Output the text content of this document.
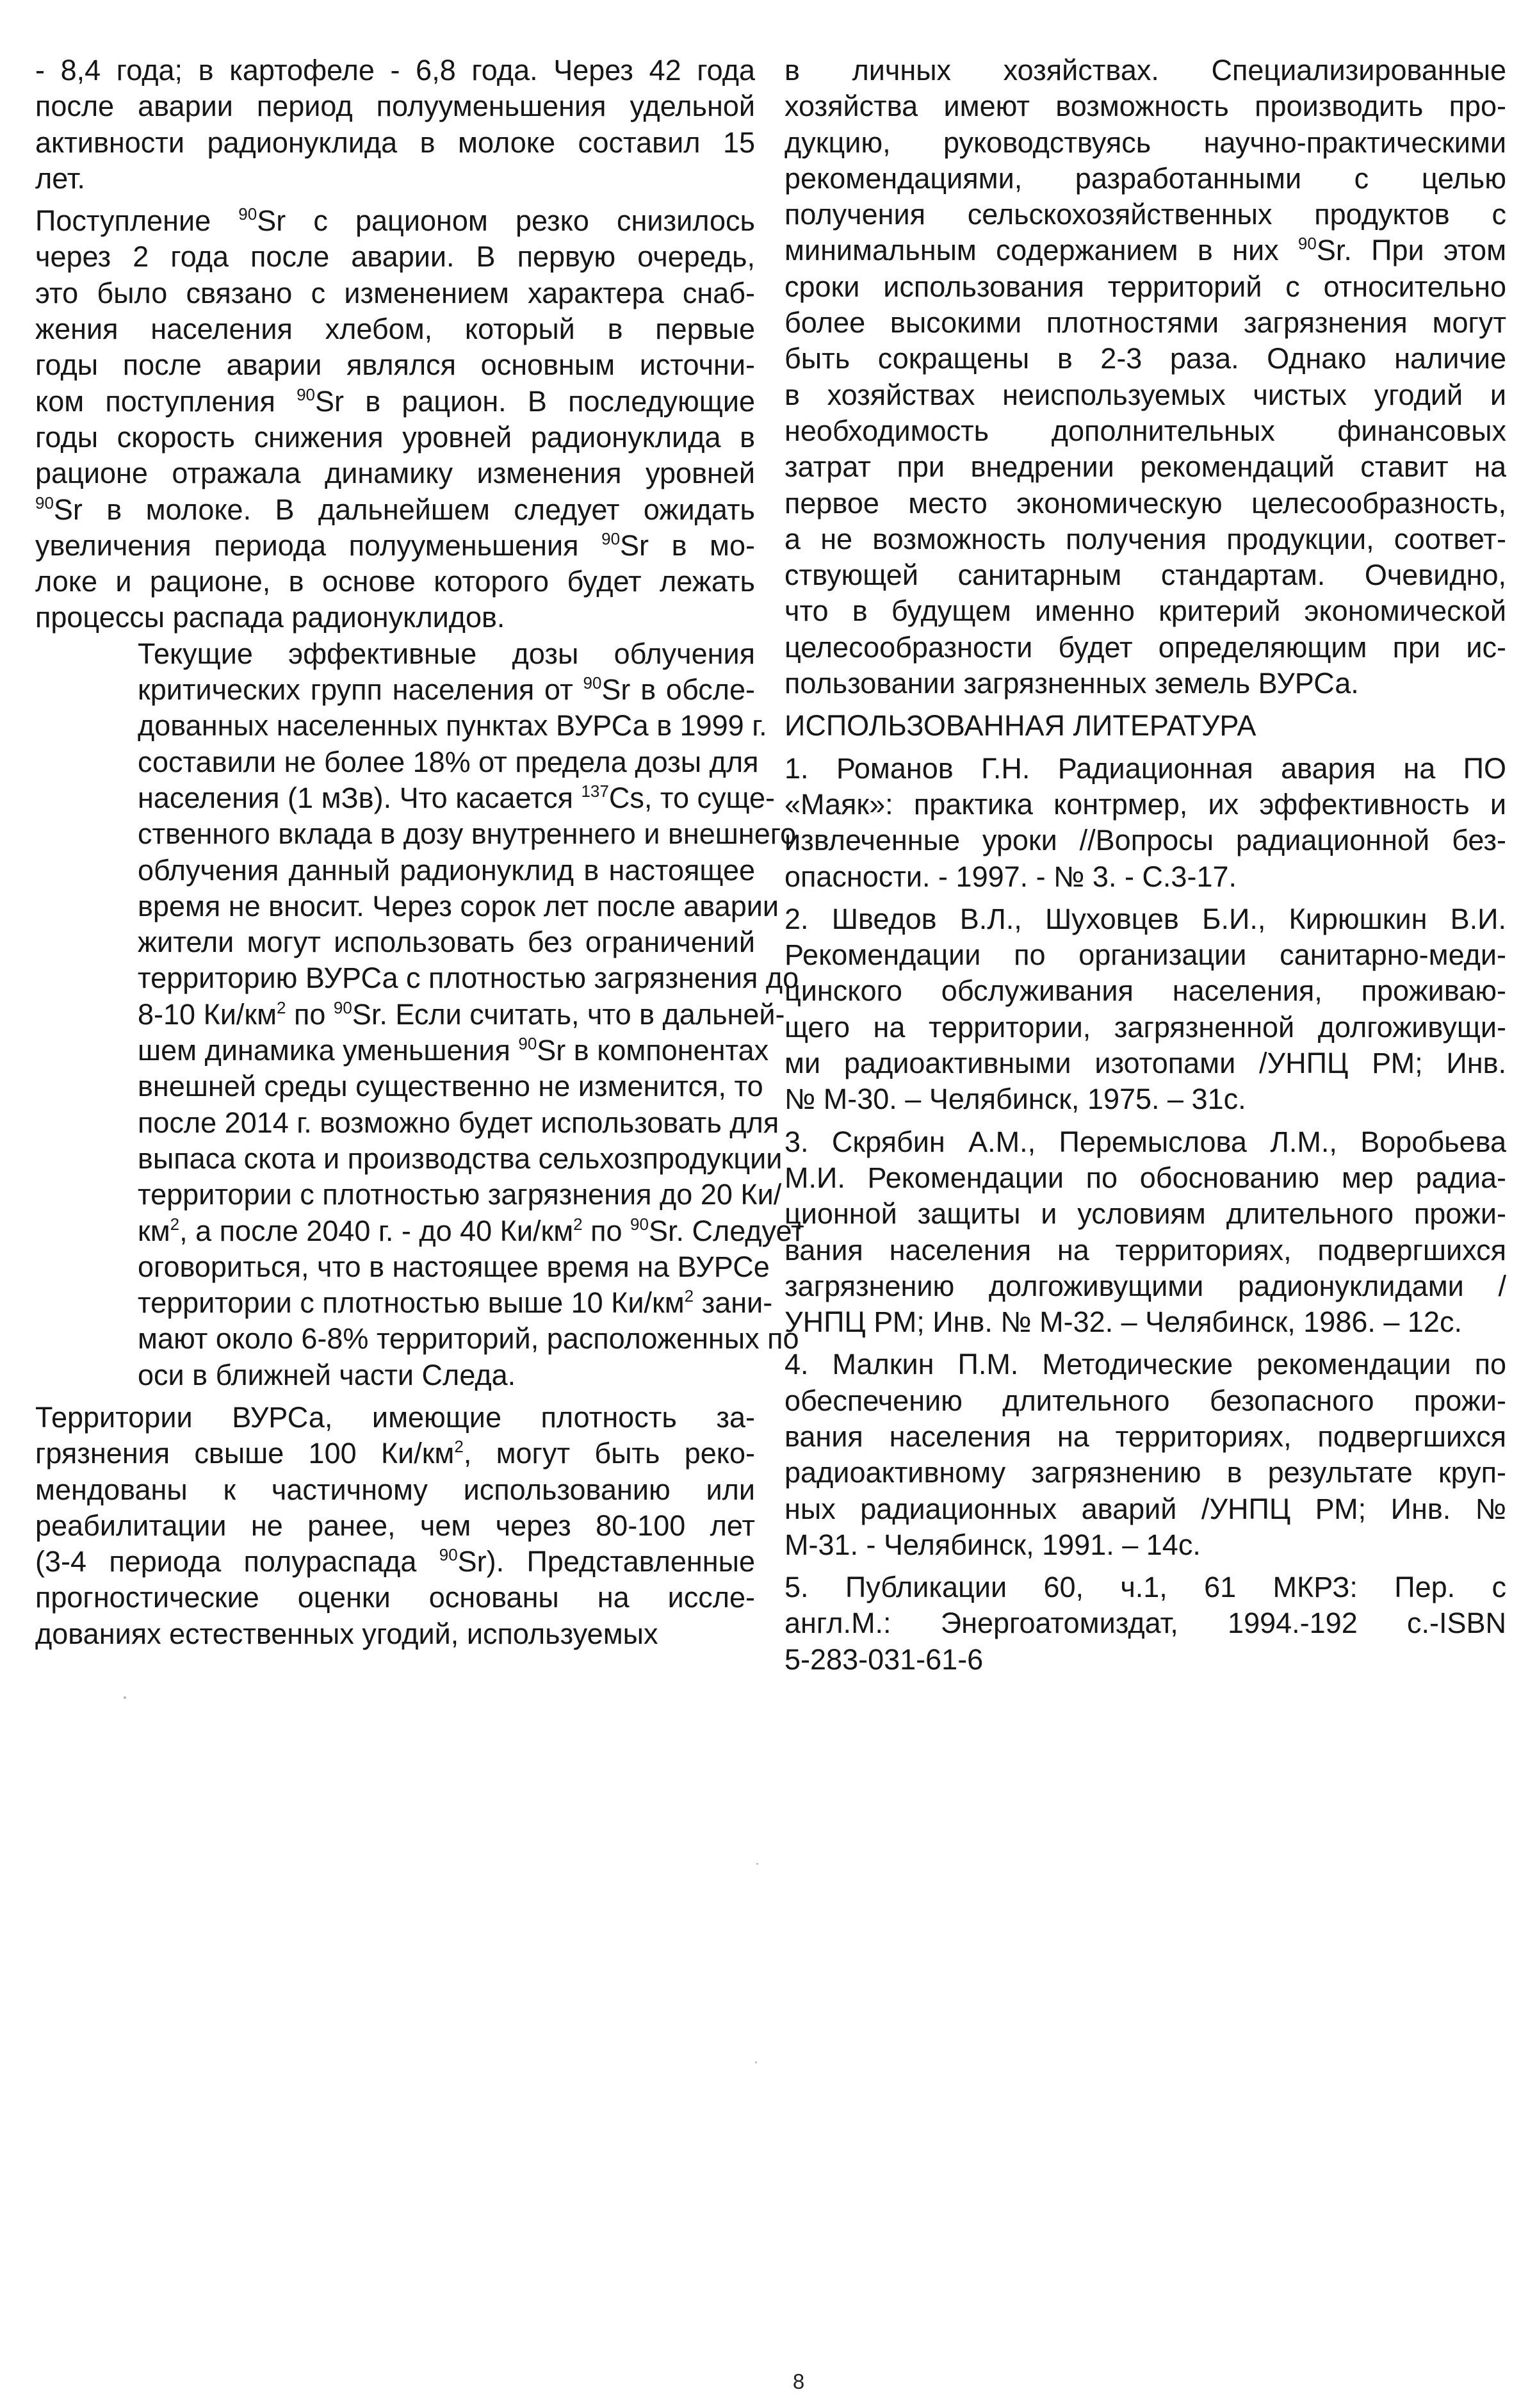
- 8,4 года; в картофеле - 6,8 года. Через 42 года
после аварии период полууменьшения удельной
активности радионуклида в молоке составил 15
лет.

Поступление $^{90}$Sr с рационом резко снизилось
через 2 года после аварии. В первую очередь,
это было связано с изменением характера снаб-
жения населения хлебом, который в первые
годы после аварии являлся основным источни-
ком поступления $^{90}$Sr в рацион. В последующие
годы скорость снижения уровней радионуклида в
рационе отражала динамику изменения уровней
$^{90}$Sr в молоке. В дальнейшем следует ожидать
увеличения периода полууменьшения $^{90}$Sr в мо-
локе и рационе, в основе которого будет лежать
процессы распада радионуклидов.

Текущие эффективные дозы облучения
критических групп населения от $^{90}$Sr в обсле-
дованных населенных пунктах ВУРСа в 1999 г.
составили не более 18% от предела дозы для
населения (1 мЗв). Что касается $^{137}$Cs, то суще-
ственного вклада в дозу внутреннего и внешнего
облучения данный радионуклид в настоящее
время не вносит. Через сорок лет после аварии
жители могут использовать без ограничений
территорию ВУРСа с плотностью загрязнения до
8-10 $Ки/км^2$ по $^{90}$Sr. Если считать, что в дальней-
шем динамика уменьшения $^{90}$Sr в компонентах
внешней среды существенно не изменится, то
после 2014 г. возможно будет использовать для
выпаса скота и производства сельхозпродукции
территории с плотностью загрязнения до 20 Ки/
$км^2$, а после 2040 г. - до 40 $Ки/км^2$ по $^{90}$Sr. Следует
оговориться, что в настоящее время на ВУРСе
территории с плотностью выше 10 $Ки/км^2$ зани-
мают около 6-8% территорий, расположенных по
оси в ближней части Следа.

Территории ВУРСа, имеющие плотность за-
грязнения свыше 100 $Ки/км^2$, могут быть реко-
мендованы к частичному использованию или
реабилитации не ранее, чем через 80-100 лет
(3-4 периода полураспада $^{90}$Sr). Представленные
прогностические оценки основаны на иссле-
дованиях естественных угодий, используемых

в личных хозяйствах. Специализированные
хозяйства имеют возможность производить про-
дукцию, руководствуясь научно-практическими
рекомендациями, разработанными с целью
получения сельскохозяйственных продуктов с
минимальным содержанием в них $^{90}$Sr. При этом
сроки использования территорий с относительно
более высокими плотностями загрязнения могут
быть сокращены в 2-3 раза. Однако наличие
в хозяйствах неиспользуемых чистых угодий и
необходимость дополнительных финансовых
затрат при внедрении рекомендаций ставит на
первое место экономическую целесообразность,
а не возможность получения продукции, соответ-
ствующей санитарным стандартам. Очевидно,
что в будущем именно критерий экономической
целесообразности будет определяющим при ис-
пользовании загрязненных земель ВУРСа.

ИСПОЛЬЗОВАННАЯ ЛИТЕРАТУРА

1. Романов Г.Н. Радиационная авария на ПО
«Маяк»: практика контрмер, их эффективность и
извлеченные уроки //Вопросы радиационной без-
опасности. - 1997. - № 3. - С.3-17.

2. Шведов В.Л., Шуховцев Б.И., Кирюшкин В.И.
Рекомендации по организации санитарно-меди-
цинского обслуживания населения, проживаю-
щего на территории, загрязненной долгоживущи-
ми радиоактивными изотопами /УНПЦ РМ; Инв.
№ М-30. – Челябинск, 1975. – 31с.

3. Скрябин А.М., Перемыслова Л.М., Воробьева
М.И. Рекомендации по обоснованию мер радиа-
ционной защиты и условиям длительного прожи-
вания населения на территориях, подвергшихся
загрязнению долгоживущими радионуклидами /
УНПЦ РМ; Инв. № М-32. – Челябинск, 1986. – 12с.

4. Малкин П.М. Методические рекомендации по
обеспечению длительного безопасного прожи-
вания населения на территориях, подвергшихся
радиоактивному загрязнению в результате круп-
ных радиационных аварий /УНПЦ РМ; Инв. №
М-31. - Челябинск, 1991. – 14с.

5. Публикации 60, ч.1, 61 МКРЗ: Пер. с
англ.М.: Энергоатомиздат, 1994.-192 с.-ISBN
5-283-031-61-6

8
